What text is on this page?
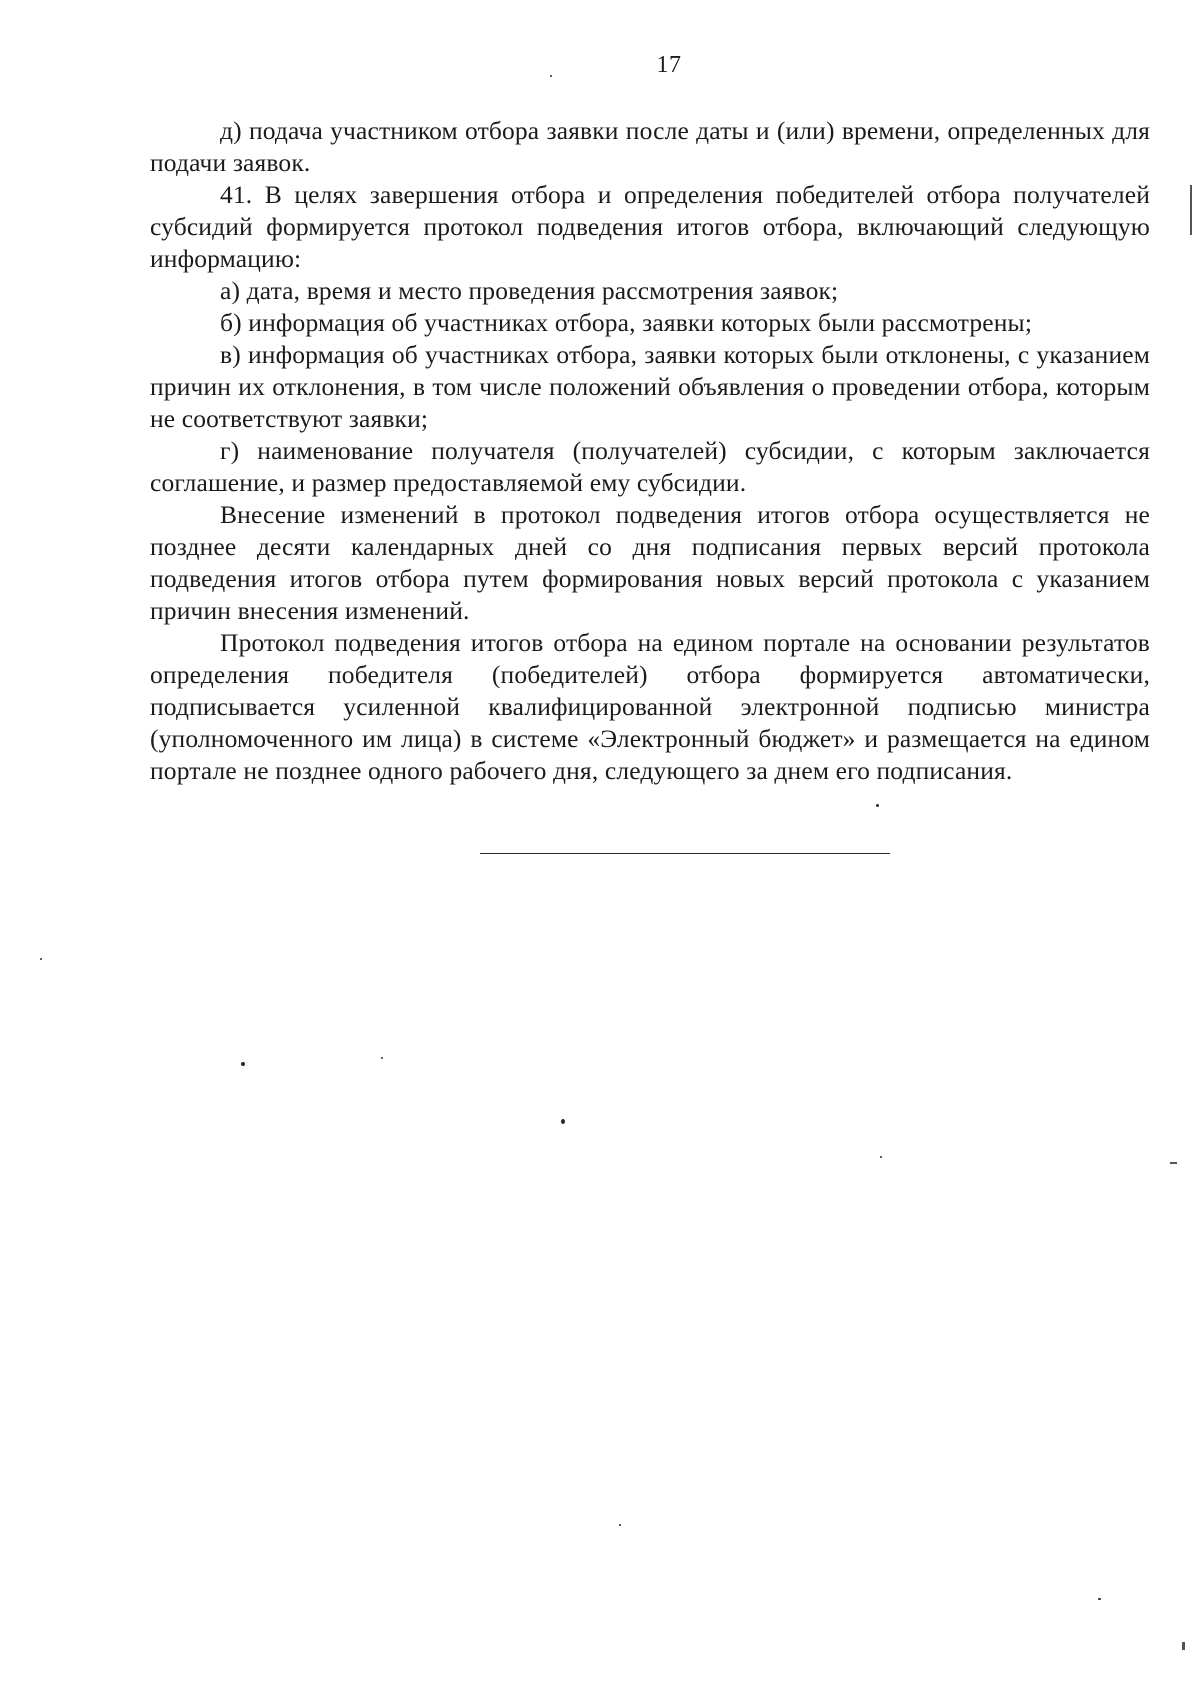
17

д) подача участником отбора заявки после даты и (или) времени, определенных для подачи заявок.

41. В целях завершения отбора и определения победителей отбора получателей субсидий формируется протокол подведения итогов отбора, включающий следующую информацию:

а) дата, время и место проведения рассмотрения заявок;

б) информация об участниках отбора, заявки которых были рассмотрены;

в) информация об участниках отбора, заявки которых были отклонены, с указанием причин их отклонения, в том числе положений объявления о проведении отбора, которым не соответствуют заявки;

г) наименование получателя (получателей) субсидии, с которым заключается соглашение, и размер предоставляемой ему субсидии.

Внесение изменений в протокол подведения итогов отбора осуществляется не позднее десяти календарных дней со дня подписания первых версий протокола подведения итогов отбора путем формирования новых версий протокола с указанием причин внесения изменений.

Протокол подведения итогов отбора на едином портале на основании результатов определения победителя (победителей) отбора формируется автоматически, подписывается усиленной квалифицированной электронной подписью министра (уполномоченного им лица) в системе «Электронный бюджет» и размещается на едином портале не позднее одного рабочего дня, следующего за днем его подписания.
